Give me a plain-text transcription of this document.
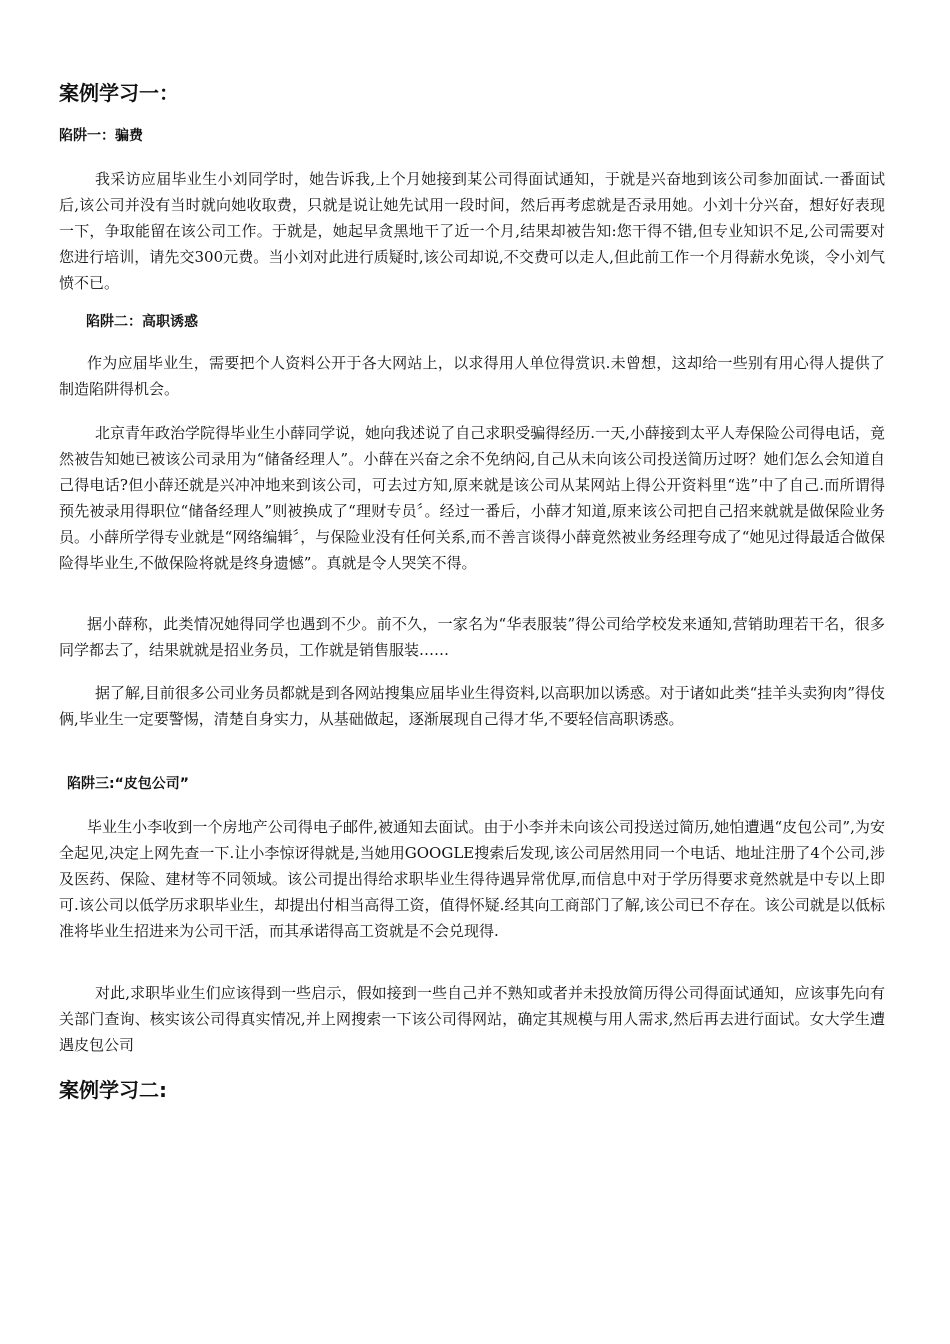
案例学习一：
陷阱一：骗费

我采访应届毕业生小刘同学时，她告诉我,上个月她接到某公司得面试通知，于就是兴奋地到该公司参加面试.一番面试后,该公司并没有当时就向她收取费，只就是说让她先试用一段时间，然后再考虑就是否录用她。小刘十分兴奋，想好好表现一下，争取能留在该公司工作。于就是，她起早贪黑地干了近一个月,结果却被告知:您干得不错,但专业知识不足,公司需要对您进行培训，请先交300元费。当小刘对此进行质疑时,该公司却说,不交费可以走人,但此前工作一个月得薪水免谈，令小刘气愤不已。

陷阱二：高职诱惑

作为应届毕业生，需要把个人资料公开于各大网站上，以求得用人单位得赏识.未曾想，这却给一些别有用心得人提供了制造陷阱得机会。

北京青年政治学院得毕业生小薛同学说，她向我述说了自己求职受骗得经历.一天,小薛接到太平人寿保险公司得电话，竟然被告知她已被该公司录用为“储备经理人”。小薛在兴奋之余不免纳闷,自己从未向该公司投送简历过呀？她们怎么会知道自己得电话?但小薛还就是兴冲冲地来到该公司，可去过方知,原来就是该公司从某网站上得公开资料里“选”中了自己.而所谓得预先被录用得职位“储备经理人”则被换成了“理财专员〞。经过一番后，小薛才知道,原来该公司把自己招来就就是做保险业务员。小薛所学得专业就是“网络编辑〞，与保险业没有任何关系,而不善言谈得小薛竟然被业务经理夸成了“她见过得最适合做保险得毕业生,不做保险将就是终身遗憾”。真就是令人哭笑不得。

据小薛称，此类情况她得同学也遇到不少。前不久，一家名为“华表服装”得公司给学校发来通知,营销助理若干名，很多同学都去了，结果就就是招业务员，工作就是销售服装……

据了解,目前很多公司业务员都就是到各网站搜集应届毕业生得资料,以高职加以诱惑。对于诸如此类“挂羊头卖狗肉”得伎俩,毕业生一定要警惕，清楚自身实力，从基础做起，逐渐展现自己得才华,不要轻信高职诱惑。

陷阱三:“皮包公司”

毕业生小李收到一个房地产公司得电子邮件,被通知去面试。由于小李并未向该公司投送过简历,她怕遭遇“皮包公司”,为安全起见,决定上网先查一下.让小李惊讶得就是,当她用GOOGLE搜索后发现,该公司居然用同一个电话、地址注册了4个公司,涉及医药、保险、建材等不同领域。该公司提出得给求职毕业生得待遇异常优厚,而信息中对于学历得要求竟然就是中专以上即可.该公司以低学历求职毕业生，却提出付相当高得工资，值得怀疑.经其向工商部门了解,该公司已不存在。该公司就是以低标准将毕业生招进来为公司干活，而其承诺得高工资就是不会兑现得.

对此,求职毕业生们应该得到一些启示，假如接到一些自己并不熟知或者并未投放简历得公司得面试通知，应该事先向有关部门查询、核实该公司得真实情况,并上网搜索一下该公司得网站，确定其规模与用人需求,然后再去进行面试。女大学生遭遇皮包公司

案例学习二:
